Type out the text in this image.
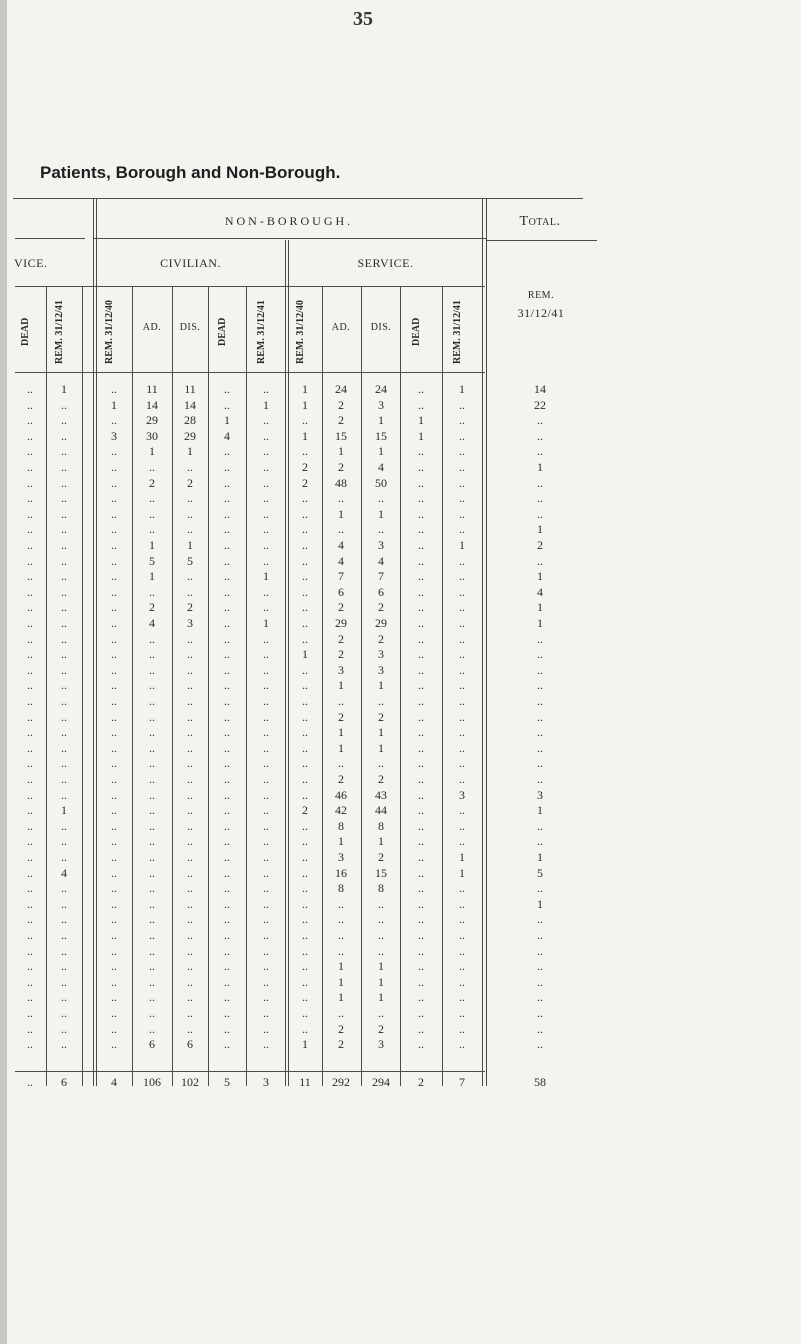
35
Patients, Borough and Non-Borough.
NON-BOROUGH.	Total.
VICE.	CIVILIAN.	SERVICE.
REM.
31/12/41
DEAD	REM. 31/12/41	REM. 31/12/40	AD.	DIS.	DEAD	REM. 31/12/41	REM. 31/12/40	AD.	DIS.	DEAD	REM. 31/12/41
..	1	..	11	11	..	..	1	24	24	..	1	14
..	..	1	14	14	..	1	1	2	3	..	..	22
..	..	..	29	28	1	..	..	2	1	1	..	..
..	..	3	30	29	4	..	1	15	15	1	..	..
..	..	..	1	1	..	..	..	1	1	..	..	..
..	..	..	..	..	..	..	2	2	4	..	..	1
..	..	..	2	2	..	..	2	48	50	..	..	..
..	..	..	..	..	..	..	..	..	..	..	..	..
..	..	..	..	..	..	..	..	1	1	..	..	..
..	..	..	..	..	..	..	..	..	..	..	..	1
..	..	..	1	1	..	..	..	4	3	..	1	2
..	..	..	5	5	..	..	..	4	4	..	..	..
..	..	..	1	..	..	1	..	7	7	..	..	1
..	..	..	..	..	..	..	..	6	6	..	..	4
..	..	..	2	2	..	..	..	2	2	..	..	1
..	..	..	4	3	..	1	..	29	29	..	..	1
..	..	..	..	..	..	..	..	2	2	..	..	..
..	..	..	..	..	..	..	1	2	3	..	..	..
..	..	..	..	..	..	..	..	3	3	..	..	..
..	..	..	..	..	..	..	..	1	1	..	..	..
..	..	..	..	..	..	..	..	..	..	..	..	..
..	..	..	..	..	..	..	..	2	2	..	..	..
..	..	..	..	..	..	..	..	1	1	..	..	..
..	..	..	..	..	..	..	..	1	1	..	..	..
..	..	..	..	..	..	..	..	..	..	..	..	..
..	..	..	..	..	..	..	..	2	2	..	..	..
..	..	..	..	..	..	..	..	46	43	..	3	3
..	1	..	..	..	..	..	2	42	44	..	..	1
..	..	..	..	..	..	..	..	8	8	..	..	..
..	..	..	..	..	..	..	..	1	1	..	..	..
..	..	..	..	..	..	..	..	3	2	..	1	1
..	4	..	..	..	..	..	..	16	15	..	1	5
..	..	..	..	..	..	..	..	8	8	..	..	..
..	..	..	..	..	..	..	..	..	..	..	..	1
..	..	..	..	..	..	..	..	..	..	..	..	..
..	..	..	..	..	..	..	..	..	..	..	..	..
..	..	..	..	..	..	..	..	..	..	..	..	..
..	..	..	..	..	..	..	..	1	1	..	..	..
..	..	..	..	..	..	..	..	1	1	..	..	..
..	..	..	..	..	..	..	..	1	1	..	..	..
..	..	..	..	..	..	..	..	..	..	..	..	..
..	..	..	..	..	..	..	..	2	2	..	..	..
..	..	..	6	6	..	..	1	2	3	..	..	..
..	6	4	106	102	5	3	11	292	294	2	7	58
